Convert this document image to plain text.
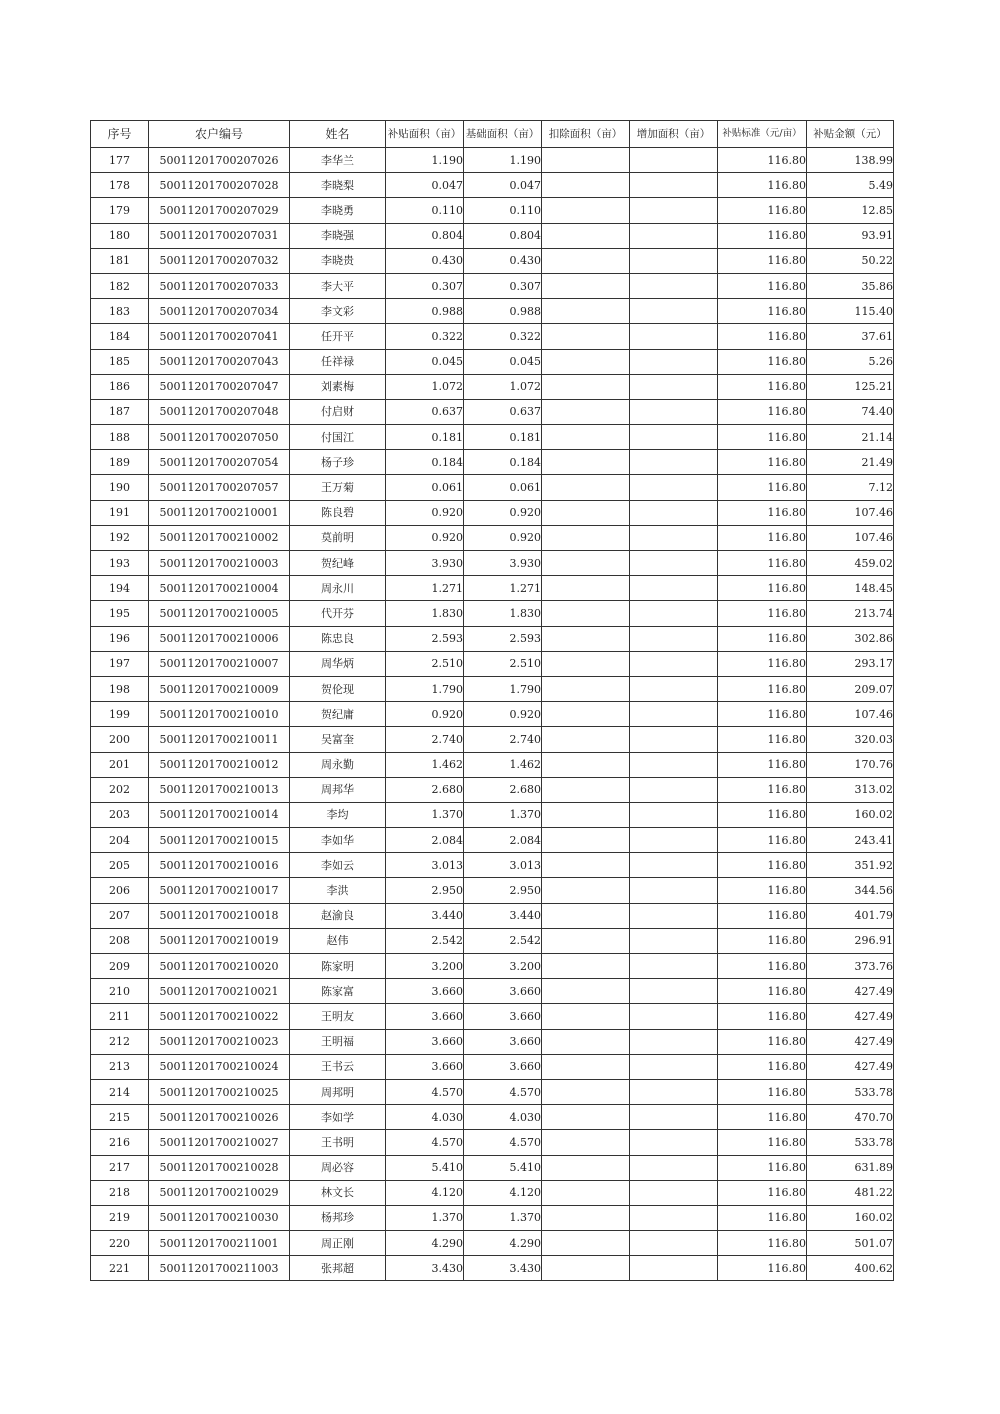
序号	农户编号	姓名	补贴面积（亩）	基础面积（亩）	扣除面积（亩）	增加面积（亩）	补贴标准（元/亩）	补贴金额（元）
177	50011201700207026	李华兰	1.190	1.190			116.80	138.99
178	50011201700207028	李晓梨	0.047	0.047			116.80	5.49
179	50011201700207029	李晓勇	0.110	0.110			116.80	12.85
180	50011201700207031	李晓强	0.804	0.804			116.80	93.91
181	50011201700207032	李晓贵	0.430	0.430			116.80	50.22
182	50011201700207033	李大平	0.307	0.307			116.80	35.86
183	50011201700207034	李文彩	0.988	0.988			116.80	115.40
184	50011201700207041	任开平	0.322	0.322			116.80	37.61
185	50011201700207043	任祥禄	0.045	0.045			116.80	5.26
186	50011201700207047	刘素梅	1.072	1.072			116.80	125.21
187	50011201700207048	付启财	0.637	0.637			116.80	74.40
188	50011201700207050	付国江	0.181	0.181			116.80	21.14
189	50011201700207054	杨子珍	0.184	0.184			116.80	21.49
190	50011201700207057	王万菊	0.061	0.061			116.80	7.12
191	50011201700210001	陈良碧	0.920	0.920			116.80	107.46
192	50011201700210002	莫前明	0.920	0.920			116.80	107.46
193	50011201700210003	贺纪峰	3.930	3.930			116.80	459.02
194	50011201700210004	周永川	1.271	1.271			116.80	148.45
195	50011201700210005	代开芬	1.830	1.830			116.80	213.74
196	50011201700210006	陈忠良	2.593	2.593			116.80	302.86
197	50011201700210007	周华炳	2.510	2.510			116.80	293.17
198	50011201700210009	贺伦现	1.790	1.790			116.80	209.07
199	50011201700210010	贺纪庸	0.920	0.920			116.80	107.46
200	50011201700210011	吴富奎	2.740	2.740			116.80	320.03
201	50011201700210012	周永勤	1.462	1.462			116.80	170.76
202	50011201700210013	周邦华	2.680	2.680			116.80	313.02
203	50011201700210014	李均	1.370	1.370			116.80	160.02
204	50011201700210015	李如华	2.084	2.084			116.80	243.41
205	50011201700210016	李如云	3.013	3.013			116.80	351.92
206	50011201700210017	李洪	2.950	2.950			116.80	344.56
207	50011201700210018	赵渝良	3.440	3.440			116.80	401.79
208	50011201700210019	赵伟	2.542	2.542			116.80	296.91
209	50011201700210020	陈家明	3.200	3.200			116.80	373.76
210	50011201700210021	陈家富	3.660	3.660			116.80	427.49
211	50011201700210022	王明友	3.660	3.660			116.80	427.49
212	50011201700210023	王明福	3.660	3.660			116.80	427.49
213	50011201700210024	王书云	3.660	3.660			116.80	427.49
214	50011201700210025	周邦明	4.570	4.570			116.80	533.78
215	50011201700210026	李如学	4.030	4.030			116.80	470.70
216	50011201700210027	王书明	4.570	4.570			116.80	533.78
217	50011201700210028	周必容	5.410	5.410			116.80	631.89
218	50011201700210029	林文长	4.120	4.120			116.80	481.22
219	50011201700210030	杨邦珍	1.370	1.370			116.80	160.02
220	50011201700211001	周正刚	4.290	4.290			116.80	501.07
221	50011201700211003	张邦超	3.430	3.430			116.80	400.62
